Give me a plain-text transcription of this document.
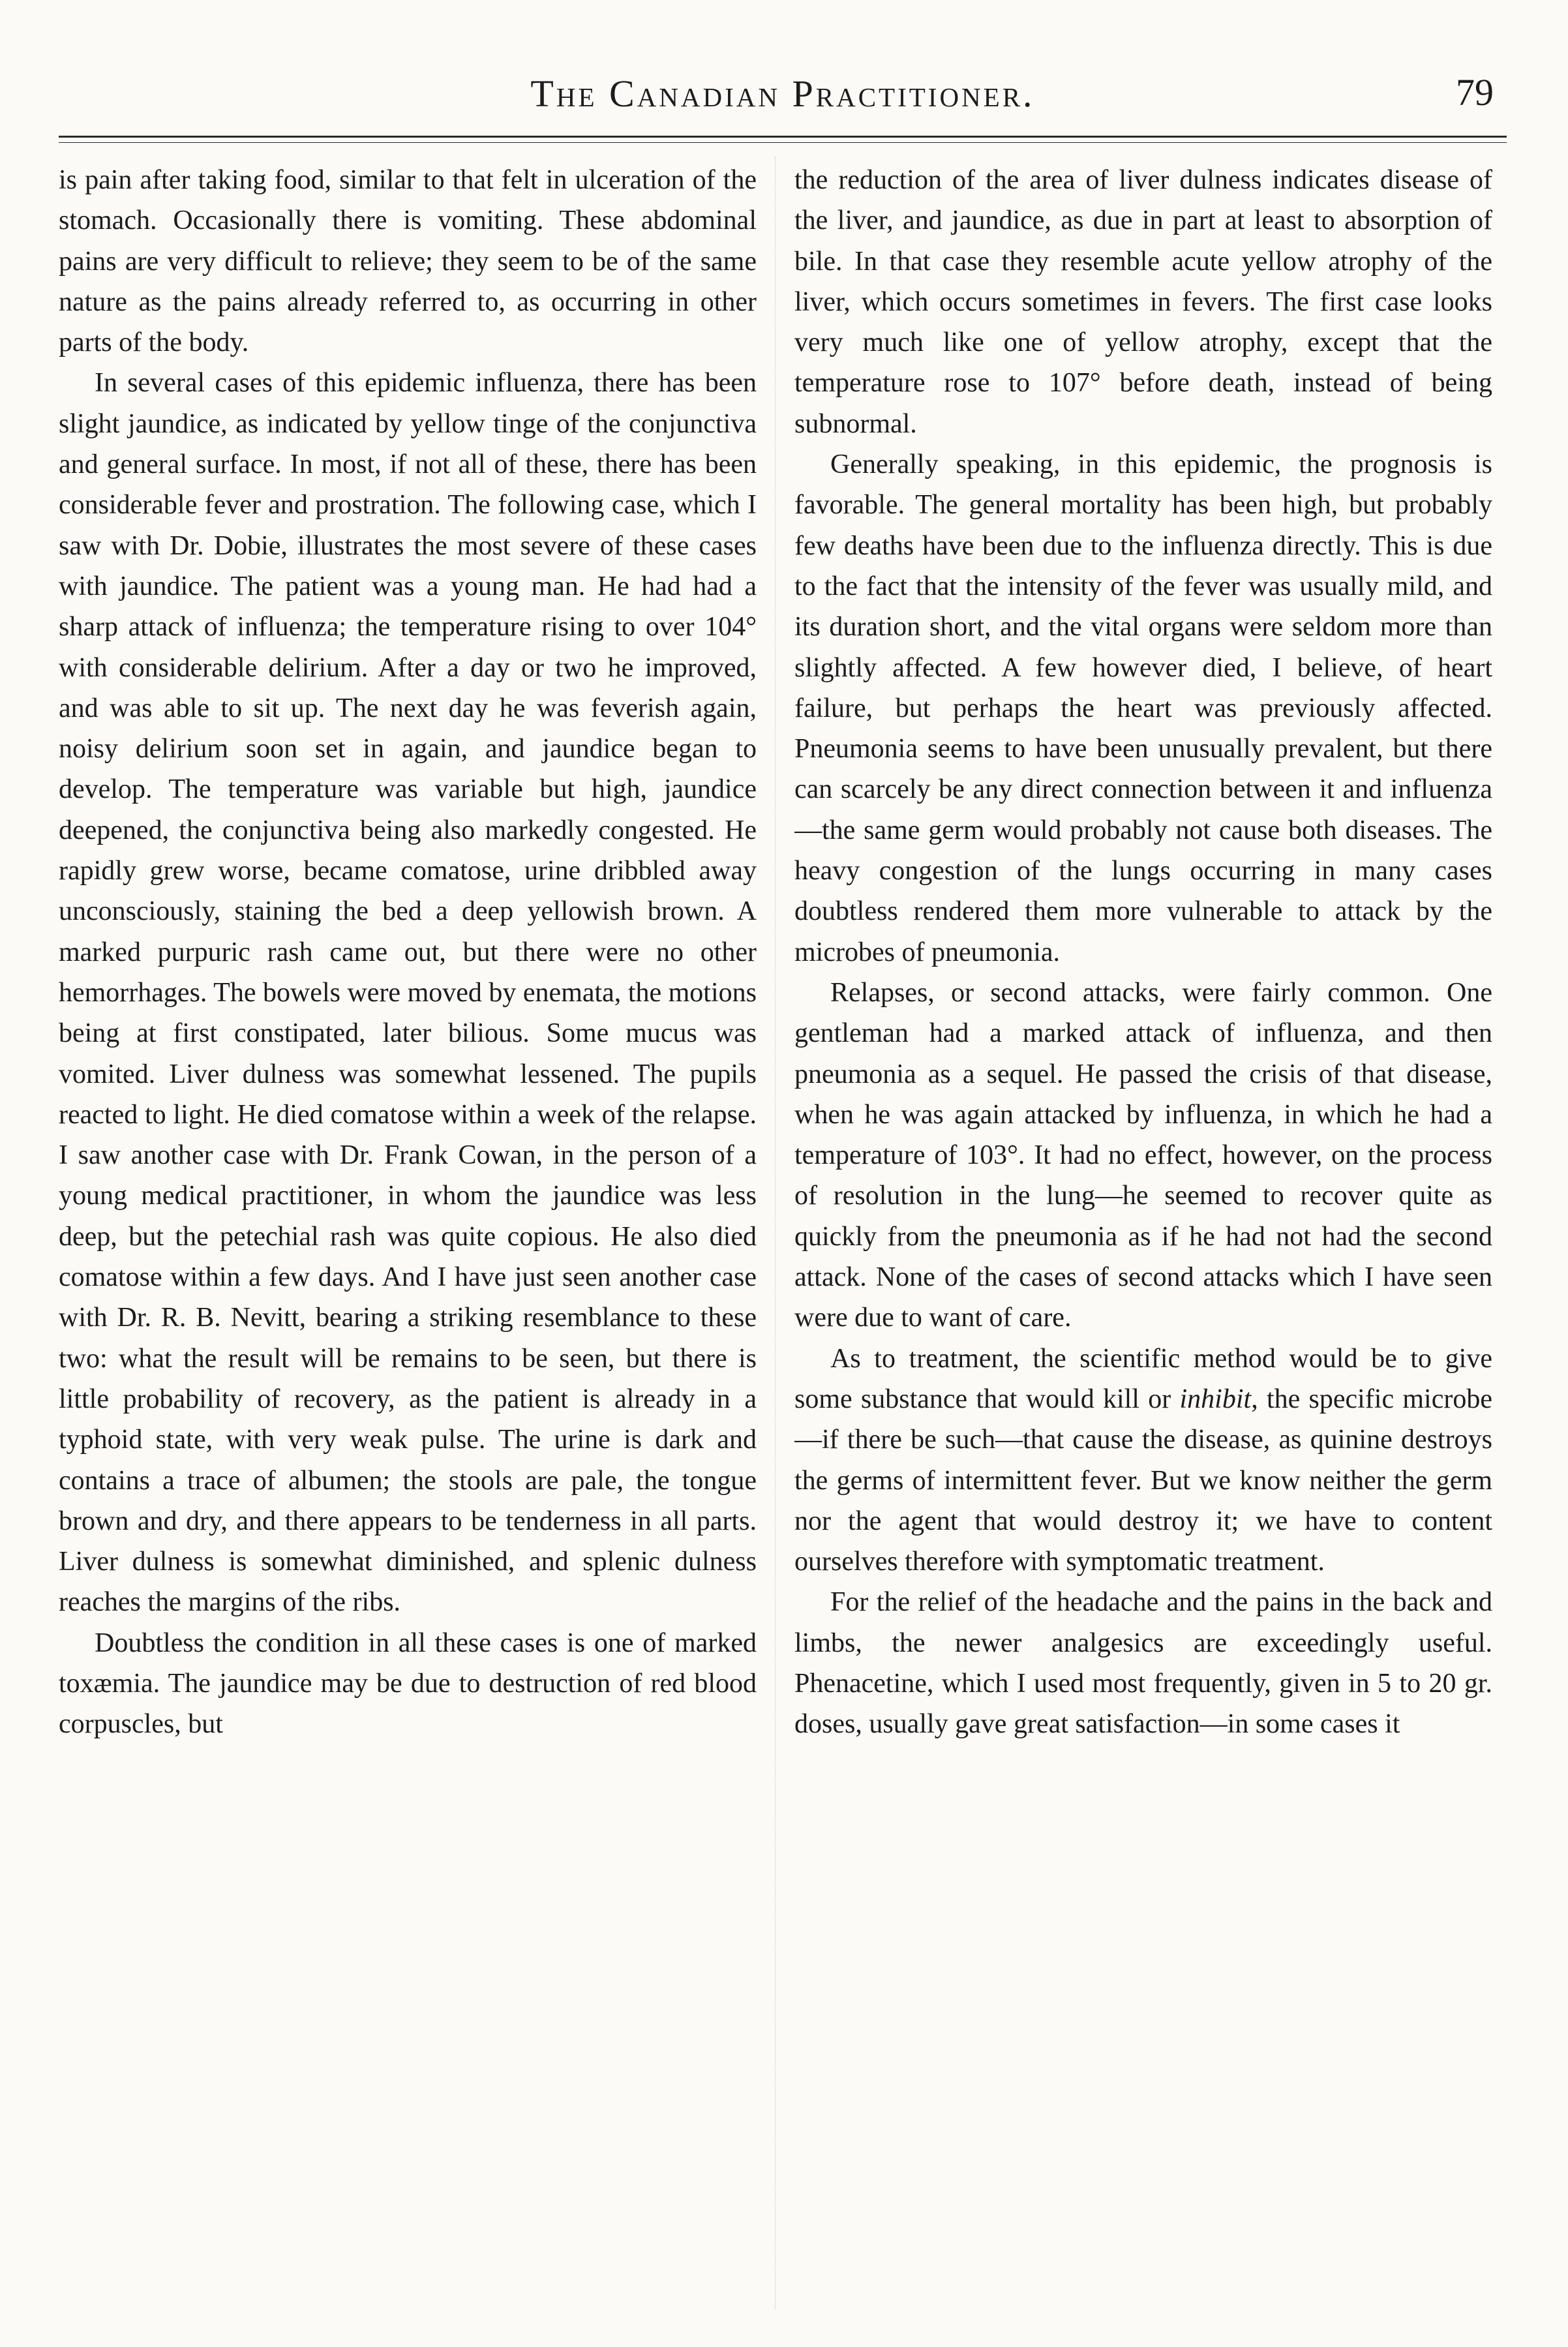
The Canadian Practitioner.	79

is pain after taking food, similar to that felt in ulceration of the stomach. Occasionally there is vomiting. These abdominal pains are very difficult to relieve; they seem to be of the same nature as the pains already referred to, as occurring in other parts of the body.

In several cases of this epidemic influenza, there has been slight jaundice, as indicated by yellow tinge of the conjunctiva and general surface. In most, if not all of these, there has been considerable fever and prostration. The following case, which I saw with Dr. Dobie, illustrates the most severe of these cases with jaundice. The patient was a young man. He had had a sharp attack of influenza; the temperature rising to over 104° with considerable delirium. After a day or two he improved, and was able to sit up. The next day he was feverish again, noisy delirium soon set in again, and jaundice began to develop. The temperature was variable but high, jaundice deepened, the conjunctiva being also markedly congested. He rapidly grew worse, became comatose, urine dribbled away unconsciously, staining the bed a deep yellowish brown. A marked purpuric rash came out, but there were no other hemorrhages. The bowels were moved by enemata, the motions being at first constipated, later bilious. Some mucus was vomited. Liver dulness was somewhat lessened. The pupils reacted to light. He died comatose within a week of the relapse. I saw another case with Dr. Frank Cowan, in the person of a young medical practitioner, in whom the jaundice was less deep, but the petechial rash was quite copious. He also died comatose within a few days. And I have just seen another case with Dr. R. B. Nevitt, bearing a striking resemblance to these two: what the result will be remains to be seen, but there is little probability of recovery, as the patient is already in a typhoid state, with very weak pulse. The urine is dark and contains a trace of albumen; the stools are pale, the tongue brown and dry, and there appears to be tenderness in all parts. Liver dulness is somewhat diminished, and splenic dulness reaches the margins of the ribs.

Doubtless the condition in all these cases is one of marked toxæmia. The jaundice may be due to destruction of red blood corpuscles, but

the reduction of the area of liver dulness indicates disease of the liver, and jaundice, as due in part at least to absorption of bile. In that case they resemble acute yellow atrophy of the liver, which occurs sometimes in fevers. The first case looks very much like one of yellow atrophy, except that the temperature rose to 107° before death, instead of being subnormal.

Generally speaking, in this epidemic, the prognosis is favorable. The general mortality has been high, but probably few deaths have been due to the influenza directly. This is due to the fact that the intensity of the fever was usually mild, and its duration short, and the vital organs were seldom more than slightly affected. A few however died, I believe, of heart failure, but perhaps the heart was previously affected. Pneumonia seems to have been unusually prevalent, but there can scarcely be any direct connection between it and influenza—the same germ would probably not cause both diseases. The heavy congestion of the lungs occurring in many cases doubtless rendered them more vulnerable to attack by the microbes of pneumonia.

Relapses, or second attacks, were fairly common. One gentleman had a marked attack of influenza, and then pneumonia as a sequel. He passed the crisis of that disease, when he was again attacked by influenza, in which he had a temperature of 103°. It had no effect, however, on the process of resolution in the lung—he seemed to recover quite as quickly from the pneumonia as if he had not had the second attack. None of the cases of second attacks which I have seen were due to want of care.

As to treatment, the scientific method would be to give some substance that would kill or inhibit, the specific microbe—if there be such—that cause the disease, as quinine destroys the germs of intermittent fever. But we know neither the germ nor the agent that would destroy it; we have to content ourselves therefore with symptomatic treatment.

For the relief of the headache and the pains in the back and limbs, the newer analgesics are exceedingly useful. Phenacetine, which I used most frequently, given in 5 to 20 gr. doses, usually gave great satisfaction—in some cases it
